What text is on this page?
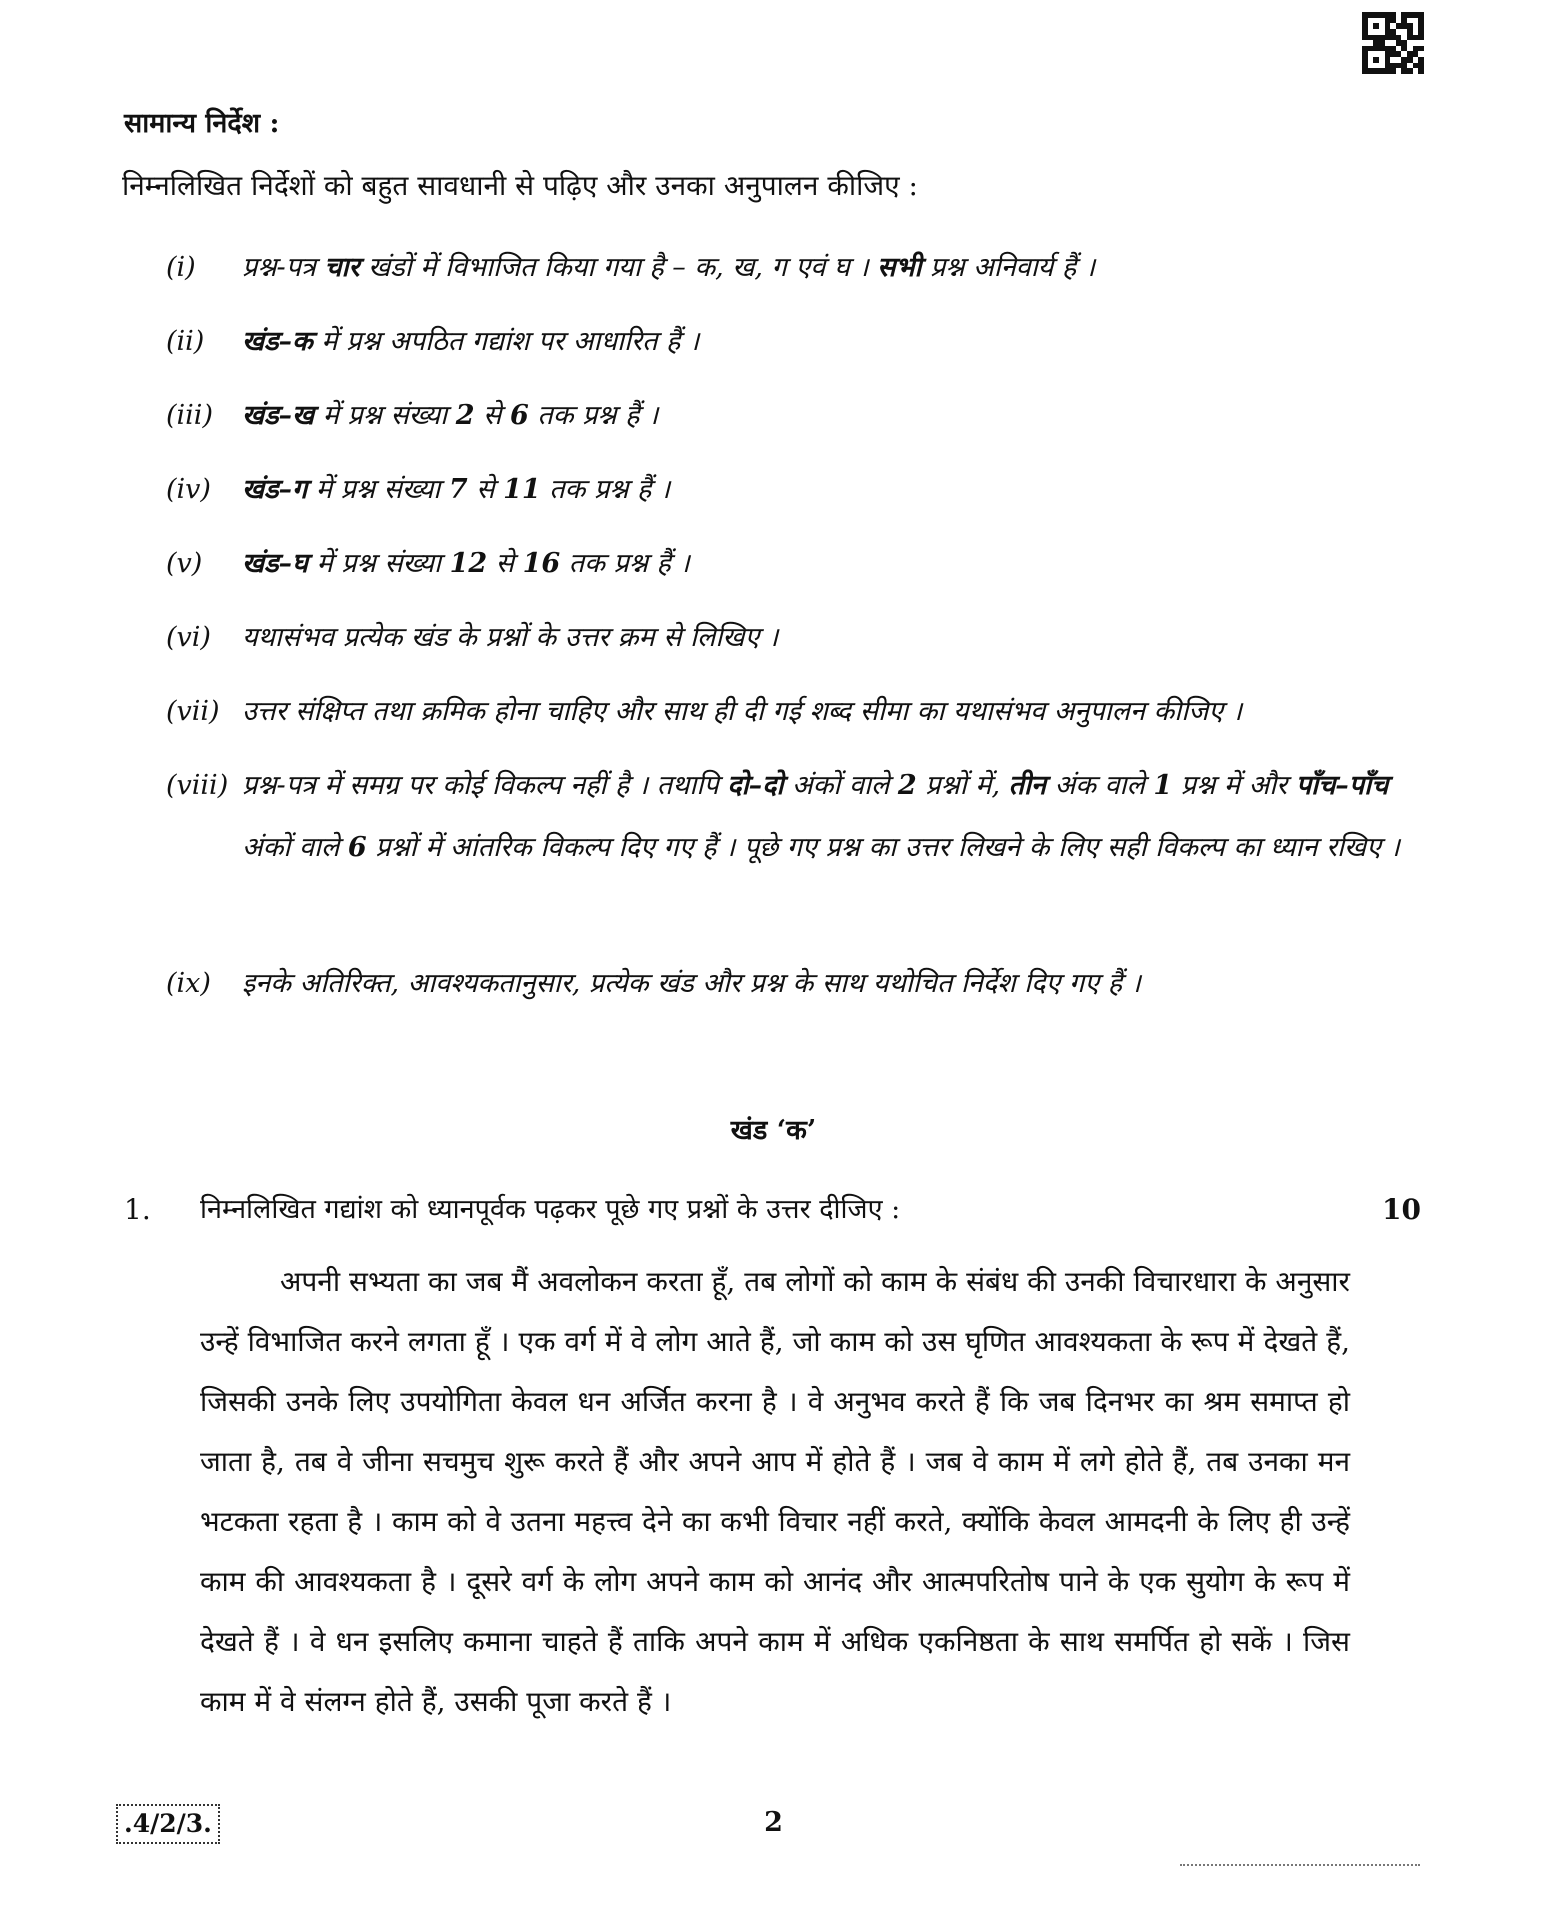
सामान्य निर्देश :
निम्नलिखित निर्देशों को बहुत सावधानी से पढ़िए और उनका अनुपालन कीजिए :
(i) प्रश्न-पत्र चार खंडों में विभाजित किया गया है – क, ख, ग एवं घ । सभी प्रश्न अनिवार्य हैं ।
(ii) खंड–क में प्रश्न अपठित गद्यांश पर आधारित हैं ।
(iii) खंड–ख में प्रश्न संख्या 2 से 6 तक प्रश्न हैं ।
(iv) खंड–ग में प्रश्न संख्या 7 से 11 तक प्रश्न हैं ।
(v) खंड–घ में प्रश्न संख्या 12 से 16 तक प्रश्न हैं ।
(vi) यथासंभव प्रत्येक खंड के प्रश्नों के उत्तर क्रम से लिखिए ।
(vii) उत्तर संक्षिप्त तथा क्रमिक होना चाहिए और साथ ही दी गई शब्द सीमा का यथासंभव अनुपालन कीजिए ।
(viii) प्रश्न-पत्र में समग्र पर कोई विकल्प नहीं है । तथापि दो–दो अंकों वाले 2 प्रश्नों में, तीन अंक वाले 1 प्रश्न में और पाँच–पाँच अंकों वाले 6 प्रश्नों में आंतरिक विकल्प दिए गए हैं । पूछे गए प्रश्न का उत्तर लिखने के लिए सही विकल्प का ध्यान रखिए ।
(ix) इनके अतिरिक्त, आवश्यकतानुसार, प्रत्येक खंड और प्रश्न के साथ यथोचित निर्देश दिए गए हैं ।
खंड ‘क’
1. निम्नलिखित गद्यांश को ध्यानपूर्वक पढ़कर पूछे गए प्रश्नों के उत्तर दीजिए :	10
अपनी सभ्यता का जब मैं अवलोकन करता हूँ, तब लोगों को काम के संबंध की उनकी विचारधारा के अनुसार उन्हें विभाजित करने लगता हूँ । एक वर्ग में वे लोग आते हैं, जो काम को उस घृणित आवश्यकता के रूप में देखते हैं, जिसकी उनके लिए उपयोगिता केवल धन अर्जित करना है । वे अनुभव करते हैं कि जब दिनभर का श्रम समाप्त हो जाता है, तब वे जीना सचमुच शुरू करते हैं और अपने आप में होते हैं । जब वे काम में लगे होते हैं, तब उनका मन भटकता रहता है । काम को वे उतना महत्त्व देने का कभी विचार नहीं करते, क्योंकि केवल आमदनी के लिए ही उन्हें काम की आवश्यकता है । दूसरे वर्ग के लोग अपने काम को आनंद और आत्मपरितोष पाने के एक सुयोग के रूप में देखते हैं । वे धन इसलिए कमाना चाहते हैं ताकि अपने काम में अधिक एकनिष्ठता के साथ समर्पित हो सकें । जिस काम में वे संलग्न होते हैं, उसकी पूजा करते हैं ।
.4/2/3.	2
